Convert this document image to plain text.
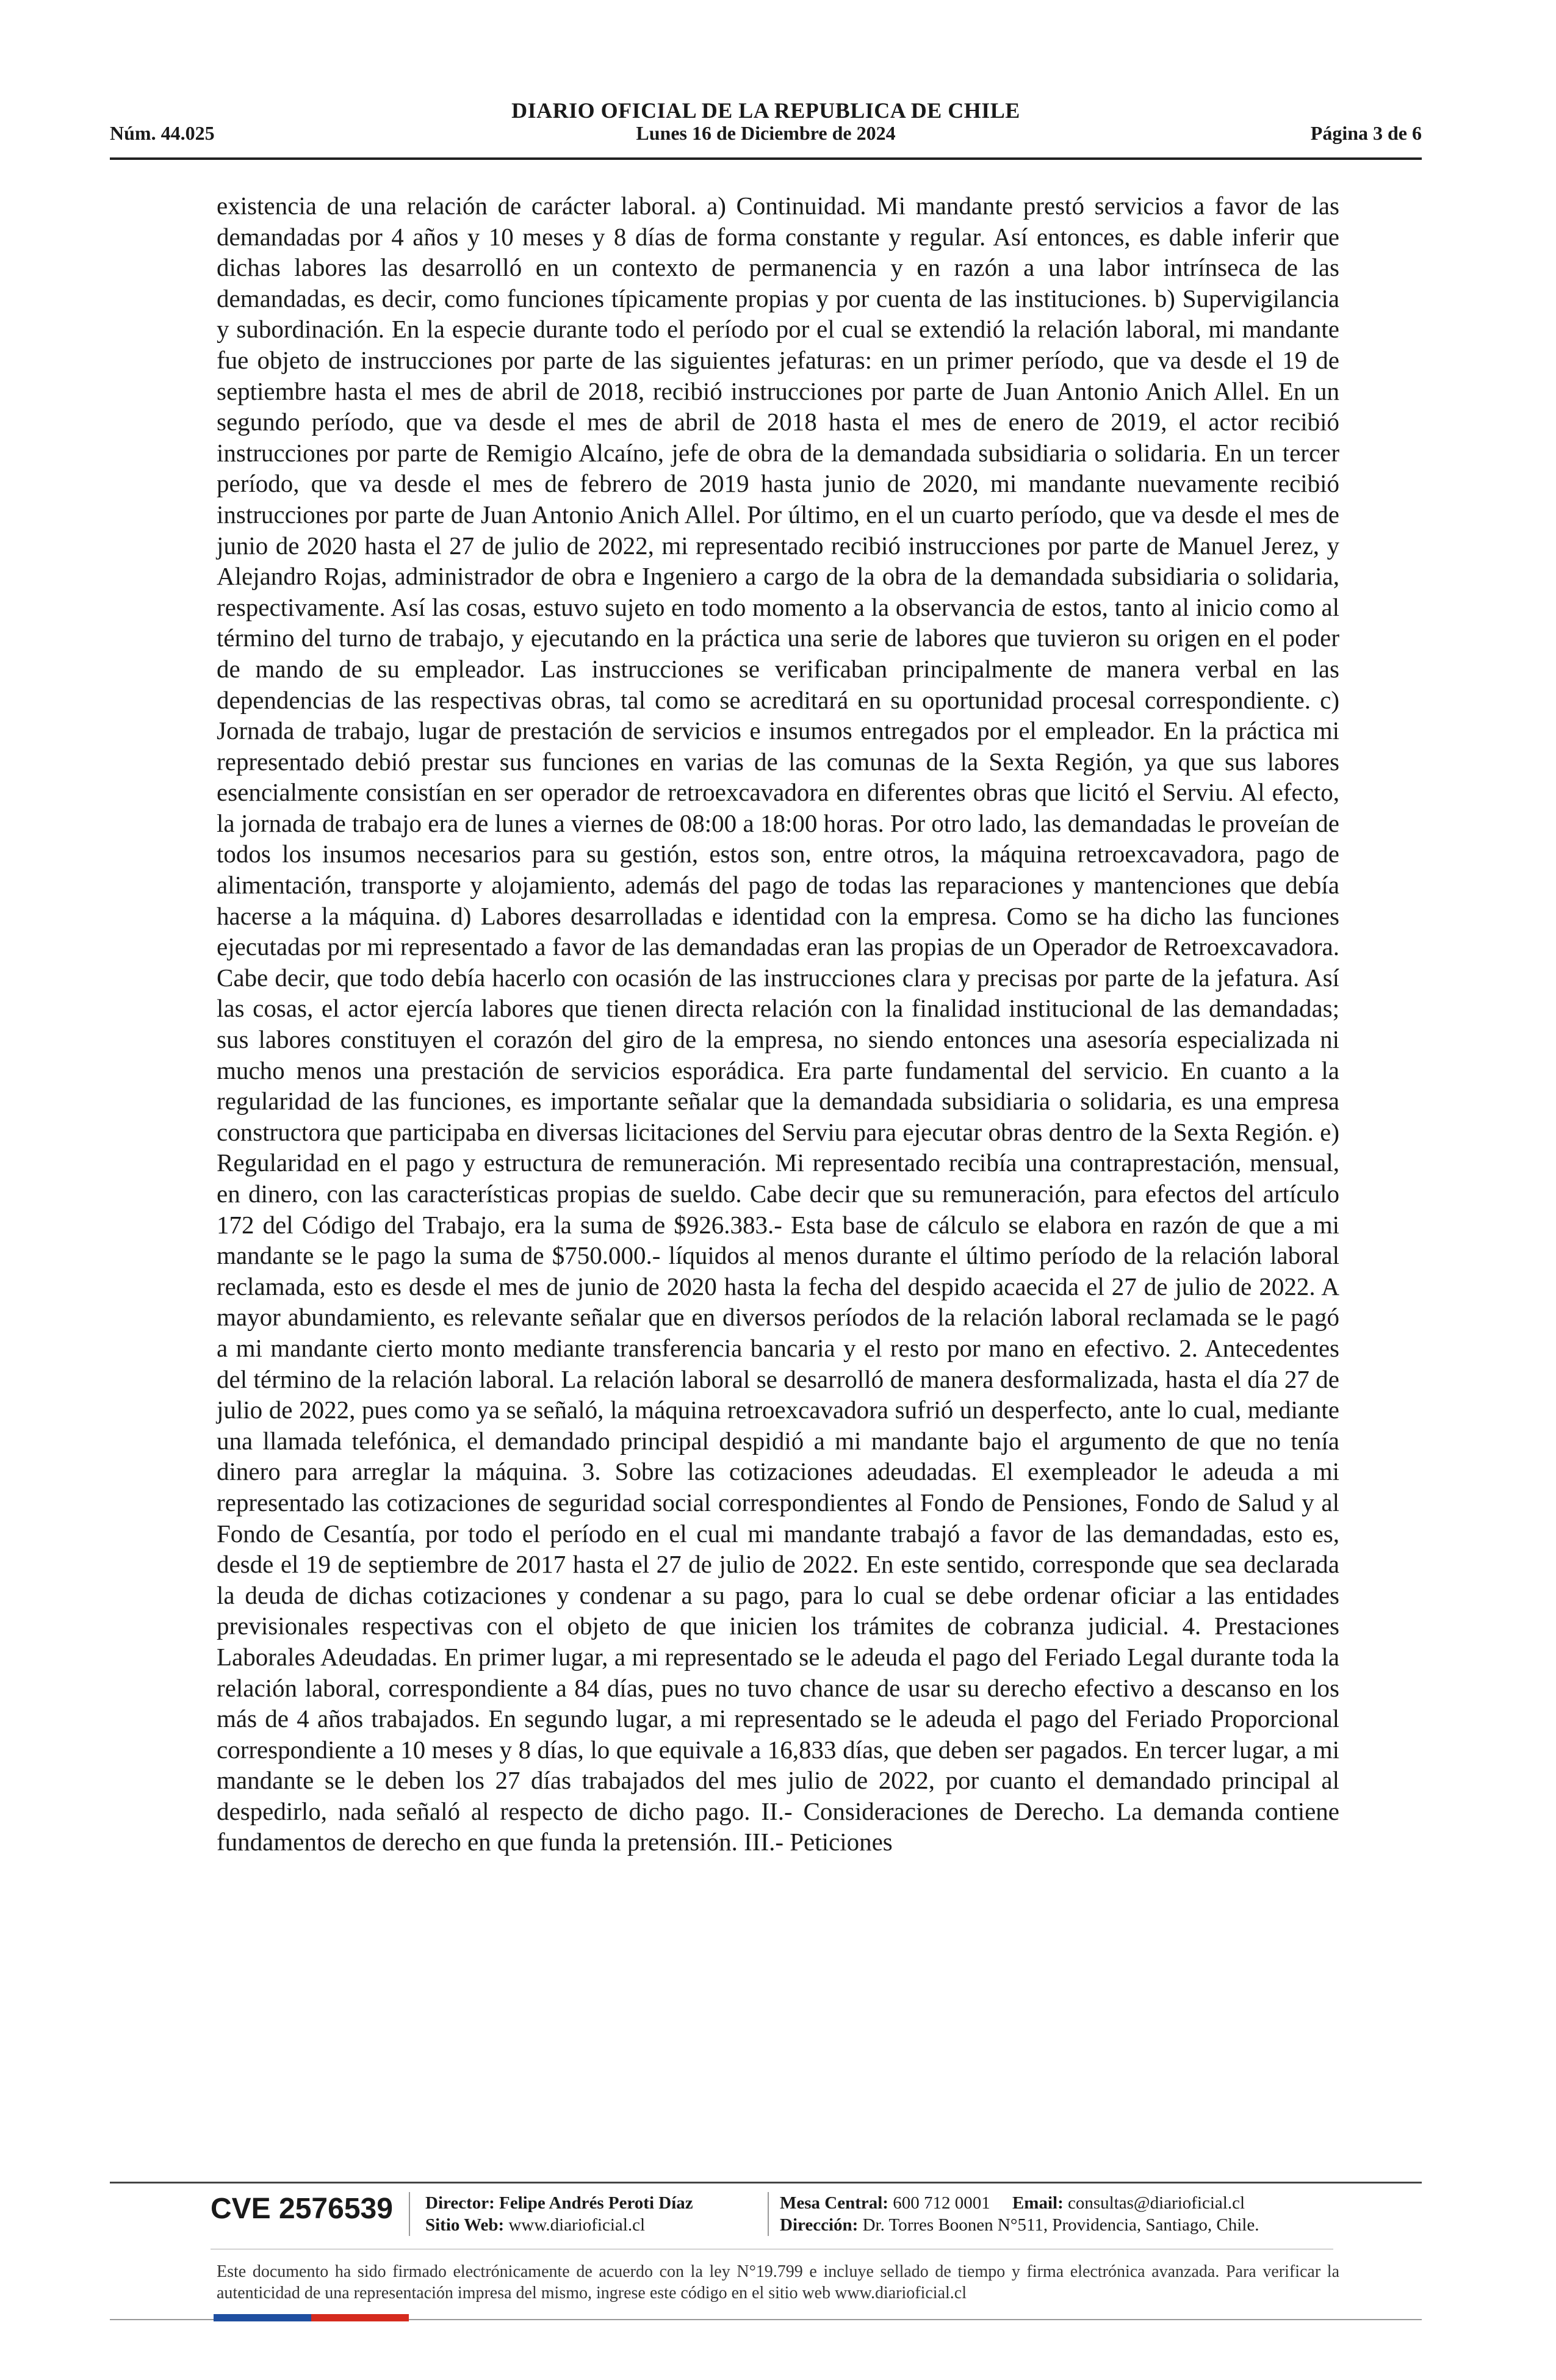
DIARIO OFICIAL DE LA REPUBLICA DE CHILE
Núm. 44.025	Lunes 16 de Diciembre de 2024	Página 3 de 6
existencia de una relación de carácter laboral. a) Continuidad. Mi mandante prestó servicios a favor de las demandadas por 4 años y 10 meses y 8 días de forma constante y regular. Así entonces, es dable inferir que dichas labores las desarrolló en un contexto de permanencia y en razón a una labor intrínseca de las demandadas, es decir, como funciones típicamente propias y por cuenta de las instituciones. b) Supervigilancia y subordinación. En la especie durante todo el período por el cual se extendió la relación laboral, mi mandante fue objeto de instrucciones por parte de las siguientes jefaturas: en un primer período, que va desde el 19 de septiembre hasta el mes de abril de 2018, recibió instrucciones por parte de Juan Antonio Anich Allel. En un segundo período, que va desde el mes de abril de 2018 hasta el mes de enero de 2019, el actor recibió instrucciones por parte de Remigio Alcaíno, jefe de obra de la demandada subsidiaria o solidaria. En un tercer período, que va desde el mes de febrero de 2019 hasta junio de 2020, mi mandante nuevamente recibió instrucciones por parte de Juan Antonio Anich Allel. Por último, en el un cuarto período, que va desde el mes de junio de 2020 hasta el 27 de julio de 2022, mi representado recibió instrucciones por parte de Manuel Jerez, y Alejandro Rojas, administrador de obra e Ingeniero a cargo de la obra de la demandada subsidiaria o solidaria, respectivamente. Así las cosas, estuvo sujeto en todo momento a la observancia de estos, tanto al inicio como al término del turno de trabajo, y ejecutando en la práctica una serie de labores que tuvieron su origen en el poder de mando de su empleador. Las instrucciones se verificaban principalmente de manera verbal en las dependencias de las respectivas obras, tal como se acreditará en su oportunidad procesal correspondiente. c) Jornada de trabajo, lugar de prestación de servicios e insumos entregados por el empleador. En la práctica mi representado debió prestar sus funciones en varias de las comunas de la Sexta Región, ya que sus labores esencialmente consistían en ser operador de retroexcavadora en diferentes obras que licitó el Serviu. Al efecto, la jornada de trabajo era de lunes a viernes de 08:00 a 18:00 horas. Por otro lado, las demandadas le proveían de todos los insumos necesarios para su gestión, estos son, entre otros, la máquina retroexcavadora, pago de alimentación, transporte y alojamiento, además del pago de todas las reparaciones y mantenciones que debía hacerse a la máquina. d) Labores desarrolladas e identidad con la empresa. Como se ha dicho las funciones ejecutadas por mi representado a favor de las demandadas eran las propias de un Operador de Retroexcavadora. Cabe decir, que todo debía hacerlo con ocasión de las instrucciones clara y precisas por parte de la jefatura. Así las cosas, el actor ejercía labores que tienen directa relación con la finalidad institucional de las demandadas; sus labores constituyen el corazón del giro de la empresa, no siendo entonces una asesoría especializada ni mucho menos una prestación de servicios esporádica. Era parte fundamental del servicio. En cuanto a la regularidad de las funciones, es importante señalar que la demandada subsidiaria o solidaria, es una empresa constructora que participaba en diversas licitaciones del Serviu para ejecutar obras dentro de la Sexta Región. e) Regularidad en el pago y estructura de remuneración. Mi representado recibía una contraprestación, mensual, en dinero, con las características propias de sueldo. Cabe decir que su remuneración, para efectos del artículo 172 del Código del Trabajo, era la suma de $926.383.- Esta base de cálculo se elabora en razón de que a mi mandante se le pago la suma de $750.000.- líquidos al menos durante el último período de la relación laboral reclamada, esto es desde el mes de junio de 2020 hasta la fecha del despido acaecida el 27 de julio de 2022. A mayor abundamiento, es relevante señalar que en diversos períodos de la relación laboral reclamada se le pagó a mi mandante cierto monto mediante transferencia bancaria y el resto por mano en efectivo. 2. Antecedentes del término de la relación laboral. La relación laboral se desarrolló de manera desformalizada, hasta el día 27 de julio de 2022, pues como ya se señaló, la máquina retroexcavadora sufrió un desperfecto, ante lo cual, mediante una llamada telefónica, el demandado principal despidió a mi mandante bajo el argumento de que no tenía dinero para arreglar la máquina. 3. Sobre las cotizaciones adeudadas. El exempleador le adeuda a mi representado las cotizaciones de seguridad social correspondientes al Fondo de Pensiones, Fondo de Salud y al Fondo de Cesantía, por todo el período en el cual mi mandante trabajó a favor de las demandadas, esto es, desde el 19 de septiembre de 2017 hasta el 27 de julio de 2022. En este sentido, corresponde que sea declarada la deuda de dichas cotizaciones y condenar a su pago, para lo cual se debe ordenar oficiar a las entidades previsionales respectivas con el objeto de que inicien los trámites de cobranza judicial. 4. Prestaciones Laborales Adeudadas. En primer lugar, a mi representado se le adeuda el pago del Feriado Legal durante toda la relación laboral, correspondiente a 84 días, pues no tuvo chance de usar su derecho efectivo a descanso en los más de 4 años trabajados. En segundo lugar, a mi representado se le adeuda el pago del Feriado Proporcional correspondiente a 10 meses y 8 días, lo que equivale a 16,833 días, que deben ser pagados. En tercer lugar, a mi mandante se le deben los 27 días trabajados del mes julio de 2022, por cuanto el demandado principal al despedirlo, nada señaló al respecto de dicho pago. II.- Consideraciones de Derecho. La demanda contiene fundamentos de derecho en que funda la pretensión. III.- Peticiones
CVE 2576539 Director: Felipe Andrés Peroti Díaz
Sitio Web: www.diarioficial.cl
Mesa Central: 600 712 0001 Email: consultas@diarioficial.cl
Dirección: Dr. Torres Boonen N°511, Providencia, Santiago, Chile.
Este documento ha sido firmado electrónicamente de acuerdo con la ley N°19.799 e incluye sellado de tiempo y firma electrónica avanzada. Para verificar la autenticidad de una representación impresa del mismo, ingrese este código en el sitio web www.diarioficial.cl
